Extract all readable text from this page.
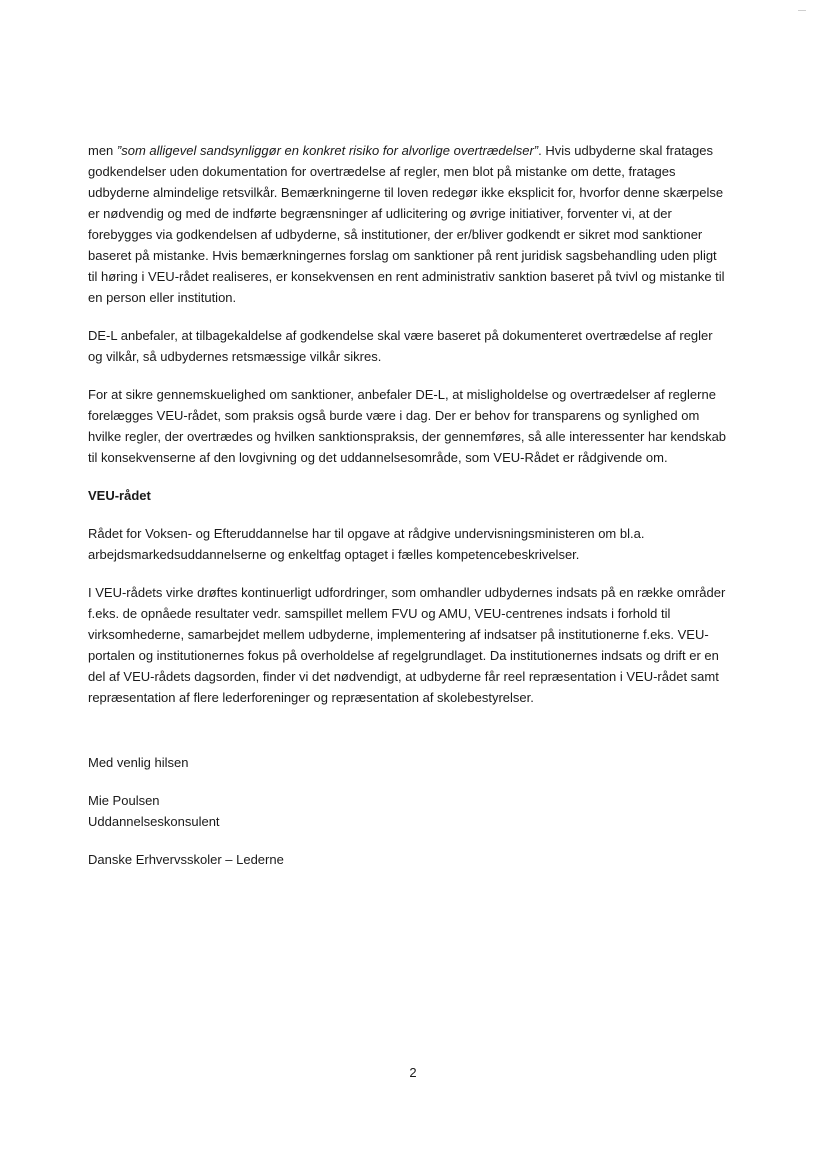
men ”som alligevel sandsynliggør en konkret risiko for alvorlige overtrædelser”. Hvis udbyderne skal fratages godkendelser uden dokumentation for overtrædelse af regler, men blot på mistanke om dette, fratages udbyderne almindelige retsvilkår. Bemærkningerne til loven redegør ikke eksplicit for, hvorfor denne skærpelse er nødvendig og med de indførte begrænsninger af udlicitering og øvrige initiativer, forventer vi, at der forebygges via godkendelsen af udbyderne, så institutioner, der er/bliver godkendt er sikret mod sanktioner baseret på mistanke. Hvis bemærkningernes forslag om sanktioner på rent juridisk sagsbehandling uden pligt til høring i VEU-rådet realiseres, er konsekvensen en rent administrativ sanktion baseret på tvivl og mistanke til en person eller institution.

DE-L anbefaler, at tilbagekaldelse af godkendelse skal være baseret på dokumenteret overtrædelse af regler og vilkår, så udbydernes retsmæssige vilkår sikres.

For at sikre gennemskuelighed om sanktioner, anbefaler DE-L, at misligholdelse og overtrædelser af reglerne forelægges VEU-rådet, som praksis også burde være i dag. Der er behov for transparens og synlighed om hvilke regler, der overtrædes og hvilken sanktionspraksis, der gennemføres, så alle interessenter har kendskab til konsekvenserne af den lovgivning og det uddannelsesområde, som VEU-Rådet er rådgivende om.

VEU-rådet

Rådet for Voksen- og Efteruddannelse har til opgave at rådgive undervisningsministeren om bl.a. arbejdsmarkedsuddannelserne og enkeltfag optaget i fælles kompetencebeskrivelser.

I VEU-rådets virke drøftes kontinuerligt udfordringer, som omhandler udbydernes indsats på en række områder f.eks. de opnåede resultater vedr. samspillet mellem FVU og AMU, VEU-centrenes indsats i forhold til virksomhederne, samarbejdet mellem udbyderne, implementering af indsatser på institutionerne f.eks. VEU-portalen og institutionernes fokus på overholdelse af regelgrundlaget. Da institutionernes indsats og drift er en del af VEU-rådets dagsorden, finder vi det nødvendigt, at udbyderne får reel repræsentation i VEU-rådet samt repræsentation af flere lederforeninger og repræsentation af skolebestyrelser.

Med venlig hilsen

Mie Poulsen
Uddannelseskonsulent

Danske Erhvervsskoler – Lederne

2
